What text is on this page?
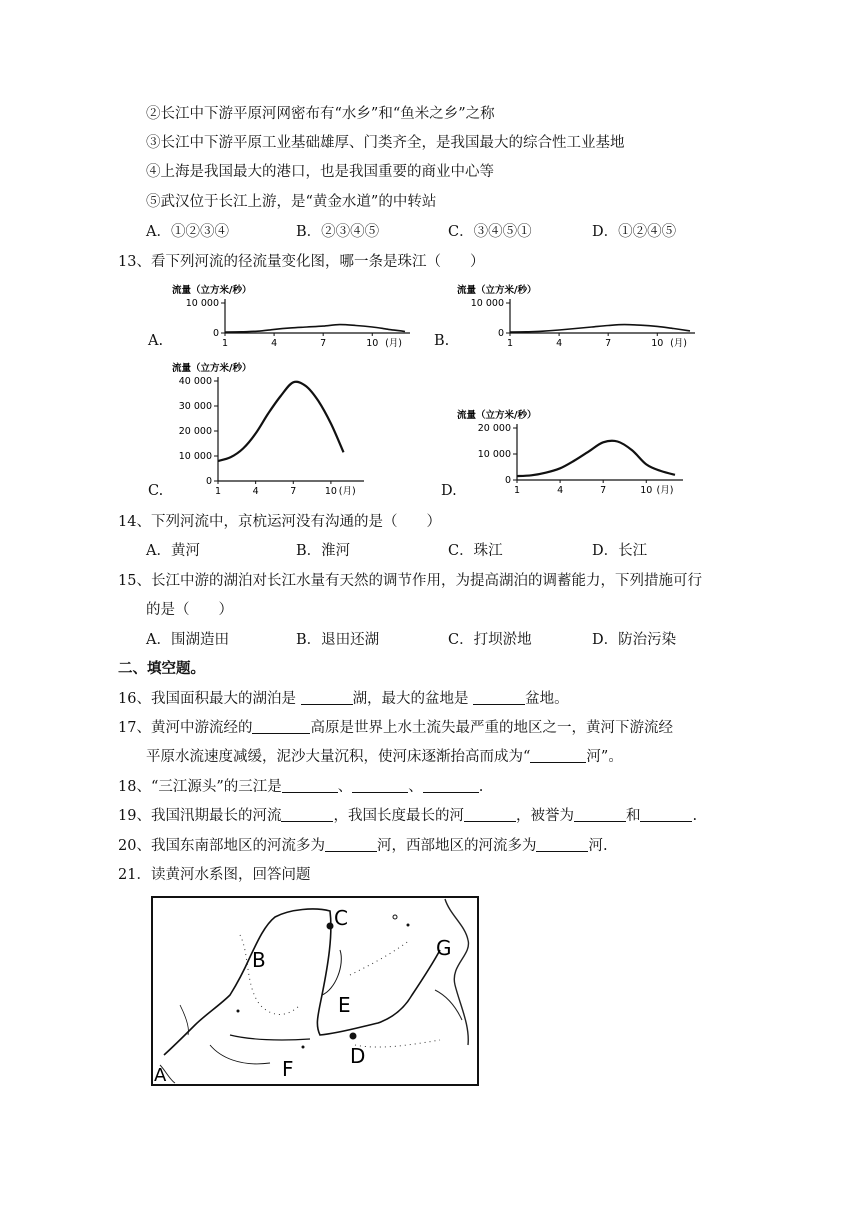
②长江中下游平原河网密布有“水乡”和“鱼米之乡”之称
③长江中下游平原工业基础雄厚、门类齐全，是我国最大的综合性工业基地
④上海是我国最大的港口，也是我国重要的商业中心等
⑤武汉位于长江上游，是“黄金水道”的中转站
A．①②③④	B．②③④⑤	C．③④⑤①	D．①②④⑤
13、看下列河流的径流量变化图，哪一条是珠江（　　）
A.	B.
C.	D.
流量（立方米/秒）
0
10 000
1	4	7	10 (月)
流量（立方米/秒）
0
10 000
1	4	7	10 (月)
流量（立方米/秒）
0
10 000
20 000
30 000
40 000
1	4	7	10 (月)
流量（立方米/秒）
0
10 000
20 000
1	4	7	10 (月)
14、下列河流中，京杭运河没有沟通的是（　　）
A．黄河	B．淮河	C．珠江	D．长江
15、长江中游的湖泊对长江水量有天然的调节作用，为提高湖泊的调蓄能力，下列措施可行
的是（　　）
A．围湖造田	B．退田还湖	C．打坝淤地	D．防治污染
二、填空题。
16、我国面积最大的湖泊是	湖，最大的盆地是	盆地。
17、黄河中游流经的	高原是世界上水土流失最严重的地区之一，黄河下游流经
平原水流速度减缓，泥沙大量沉积，使河床逐渐抬高而成为“	河”。
18、“三江源头”的三江是	、	、	.
19、我国汛期最长的河流	，我国长度最长的河	，被誉为	和	.
20、我国东南部地区的河流多为	河，西部地区的河流多为	河.
21．读黄河水系图，回答问题
C
B	G
E
D
F
A
